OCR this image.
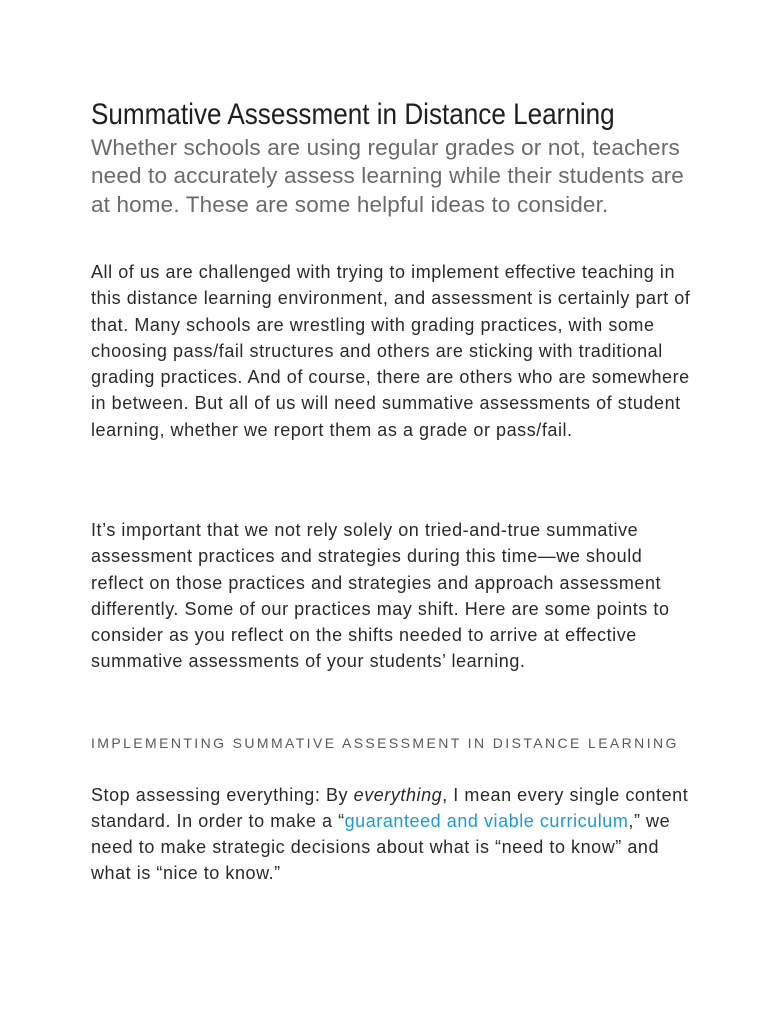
Summative Assessment in Distance Learning

Whether schools are using regular grades or not, teachers need to accurately assess learning while their students are at home. These are some helpful ideas to consider.

All of us are challenged with trying to implement effective teaching in this distance learning environment, and assessment is certainly part of that. Many schools are wrestling with grading practices, with some choosing pass/fail structures and others are sticking with traditional grading practices. And of course, there are others who are somewhere in between. But all of us will need summative assessments of student learning, whether we report them as a grade or pass/fail.

It’s important that we not rely solely on tried-and-true summative assessment practices and strategies during this time—we should reflect on those practices and strategies and approach assessment differently. Some of our practices may shift. Here are some points to consider as you reflect on the shifts needed to arrive at effective summative assessments of your students’ learning.

IMPLEMENTING SUMMATIVE ASSESSMENT IN DISTANCE LEARNING

Stop assessing everything: By everything, I mean every single content standard. In order to make a “guaranteed and viable curriculum,” we need to make strategic decisions about what is “need to know” and what is “nice to know.”
